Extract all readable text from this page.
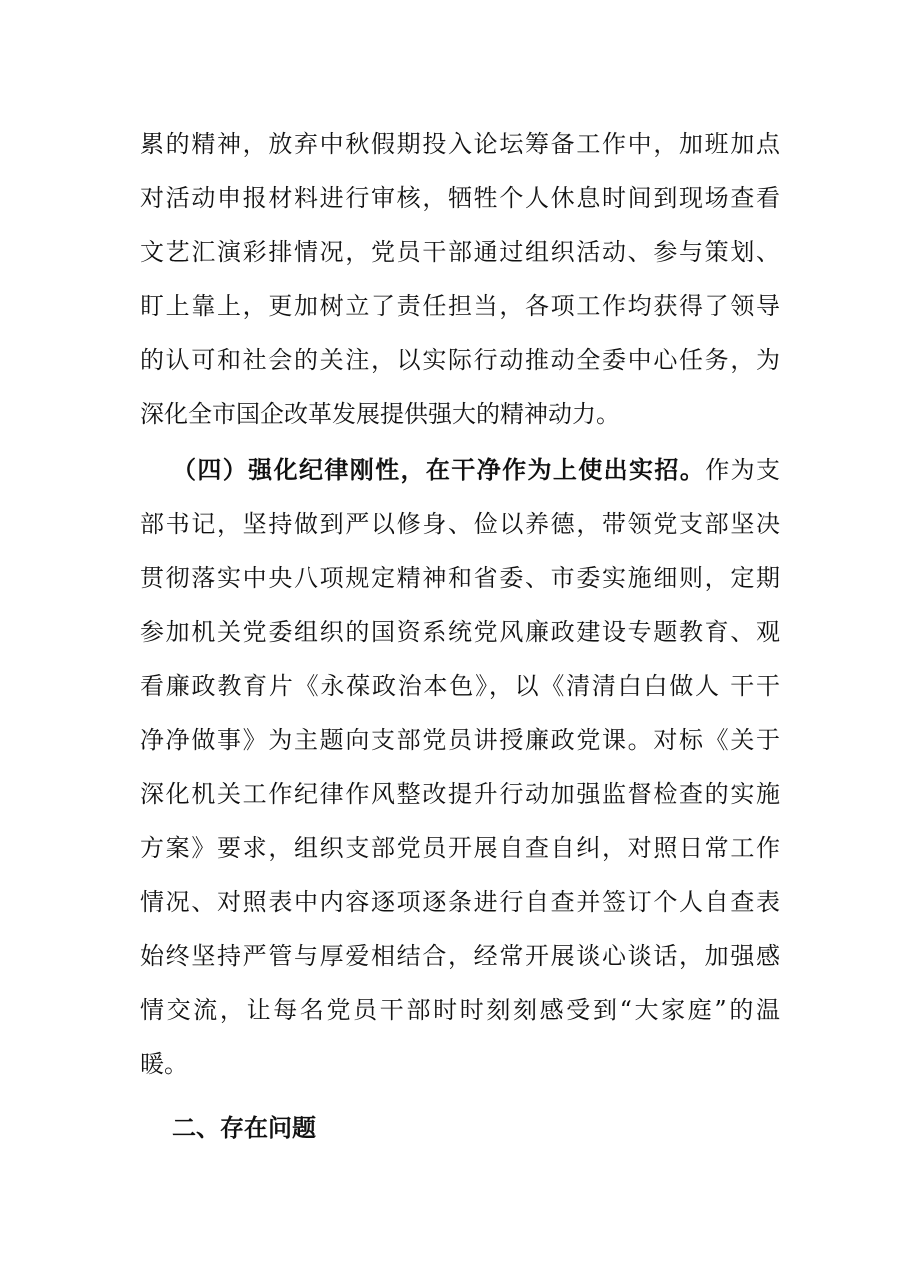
累的精神，放弃中秋假期投入论坛筹备工作中，加班加点
对活动申报材料进行审核，牺牲个人休息时间到现场查看
文艺汇演彩排情况，党员干部通过组织活动、参与策划、
盯上靠上，更加树立了责任担当，各项工作均获得了领导
的认可和社会的关注，以实际行动推动全委中心任务，为
深化全市国企改革发展提供强大的精神动力。
（四）强化纪律刚性，在干净作为上使出实招。作为支
部书记，坚持做到严以修身、俭以养德，带领党支部坚决
贯彻落实中央八项规定精神和省委、市委实施细则，定期
参加机关党委组织的国资系统党风廉政建设专题教育、观
看廉政教育片《永葆政治本色》，以《清清白白做人 干干
净净做事》为主题向支部党员讲授廉政党课。对标《关于
深化机关工作纪律作风整改提升行动加强监督检查的实施
方案》要求，组织支部党员开展自查自纠，对照日常工作
情况、对照表中内容逐项逐条进行自查并签订个人自查表
始终坚持严管与厚爱相结合，经常开展谈心谈话，加强感
情交流，让每名党员干部时时刻刻感受到“大家庭”的温
暖。
二、存在问题
